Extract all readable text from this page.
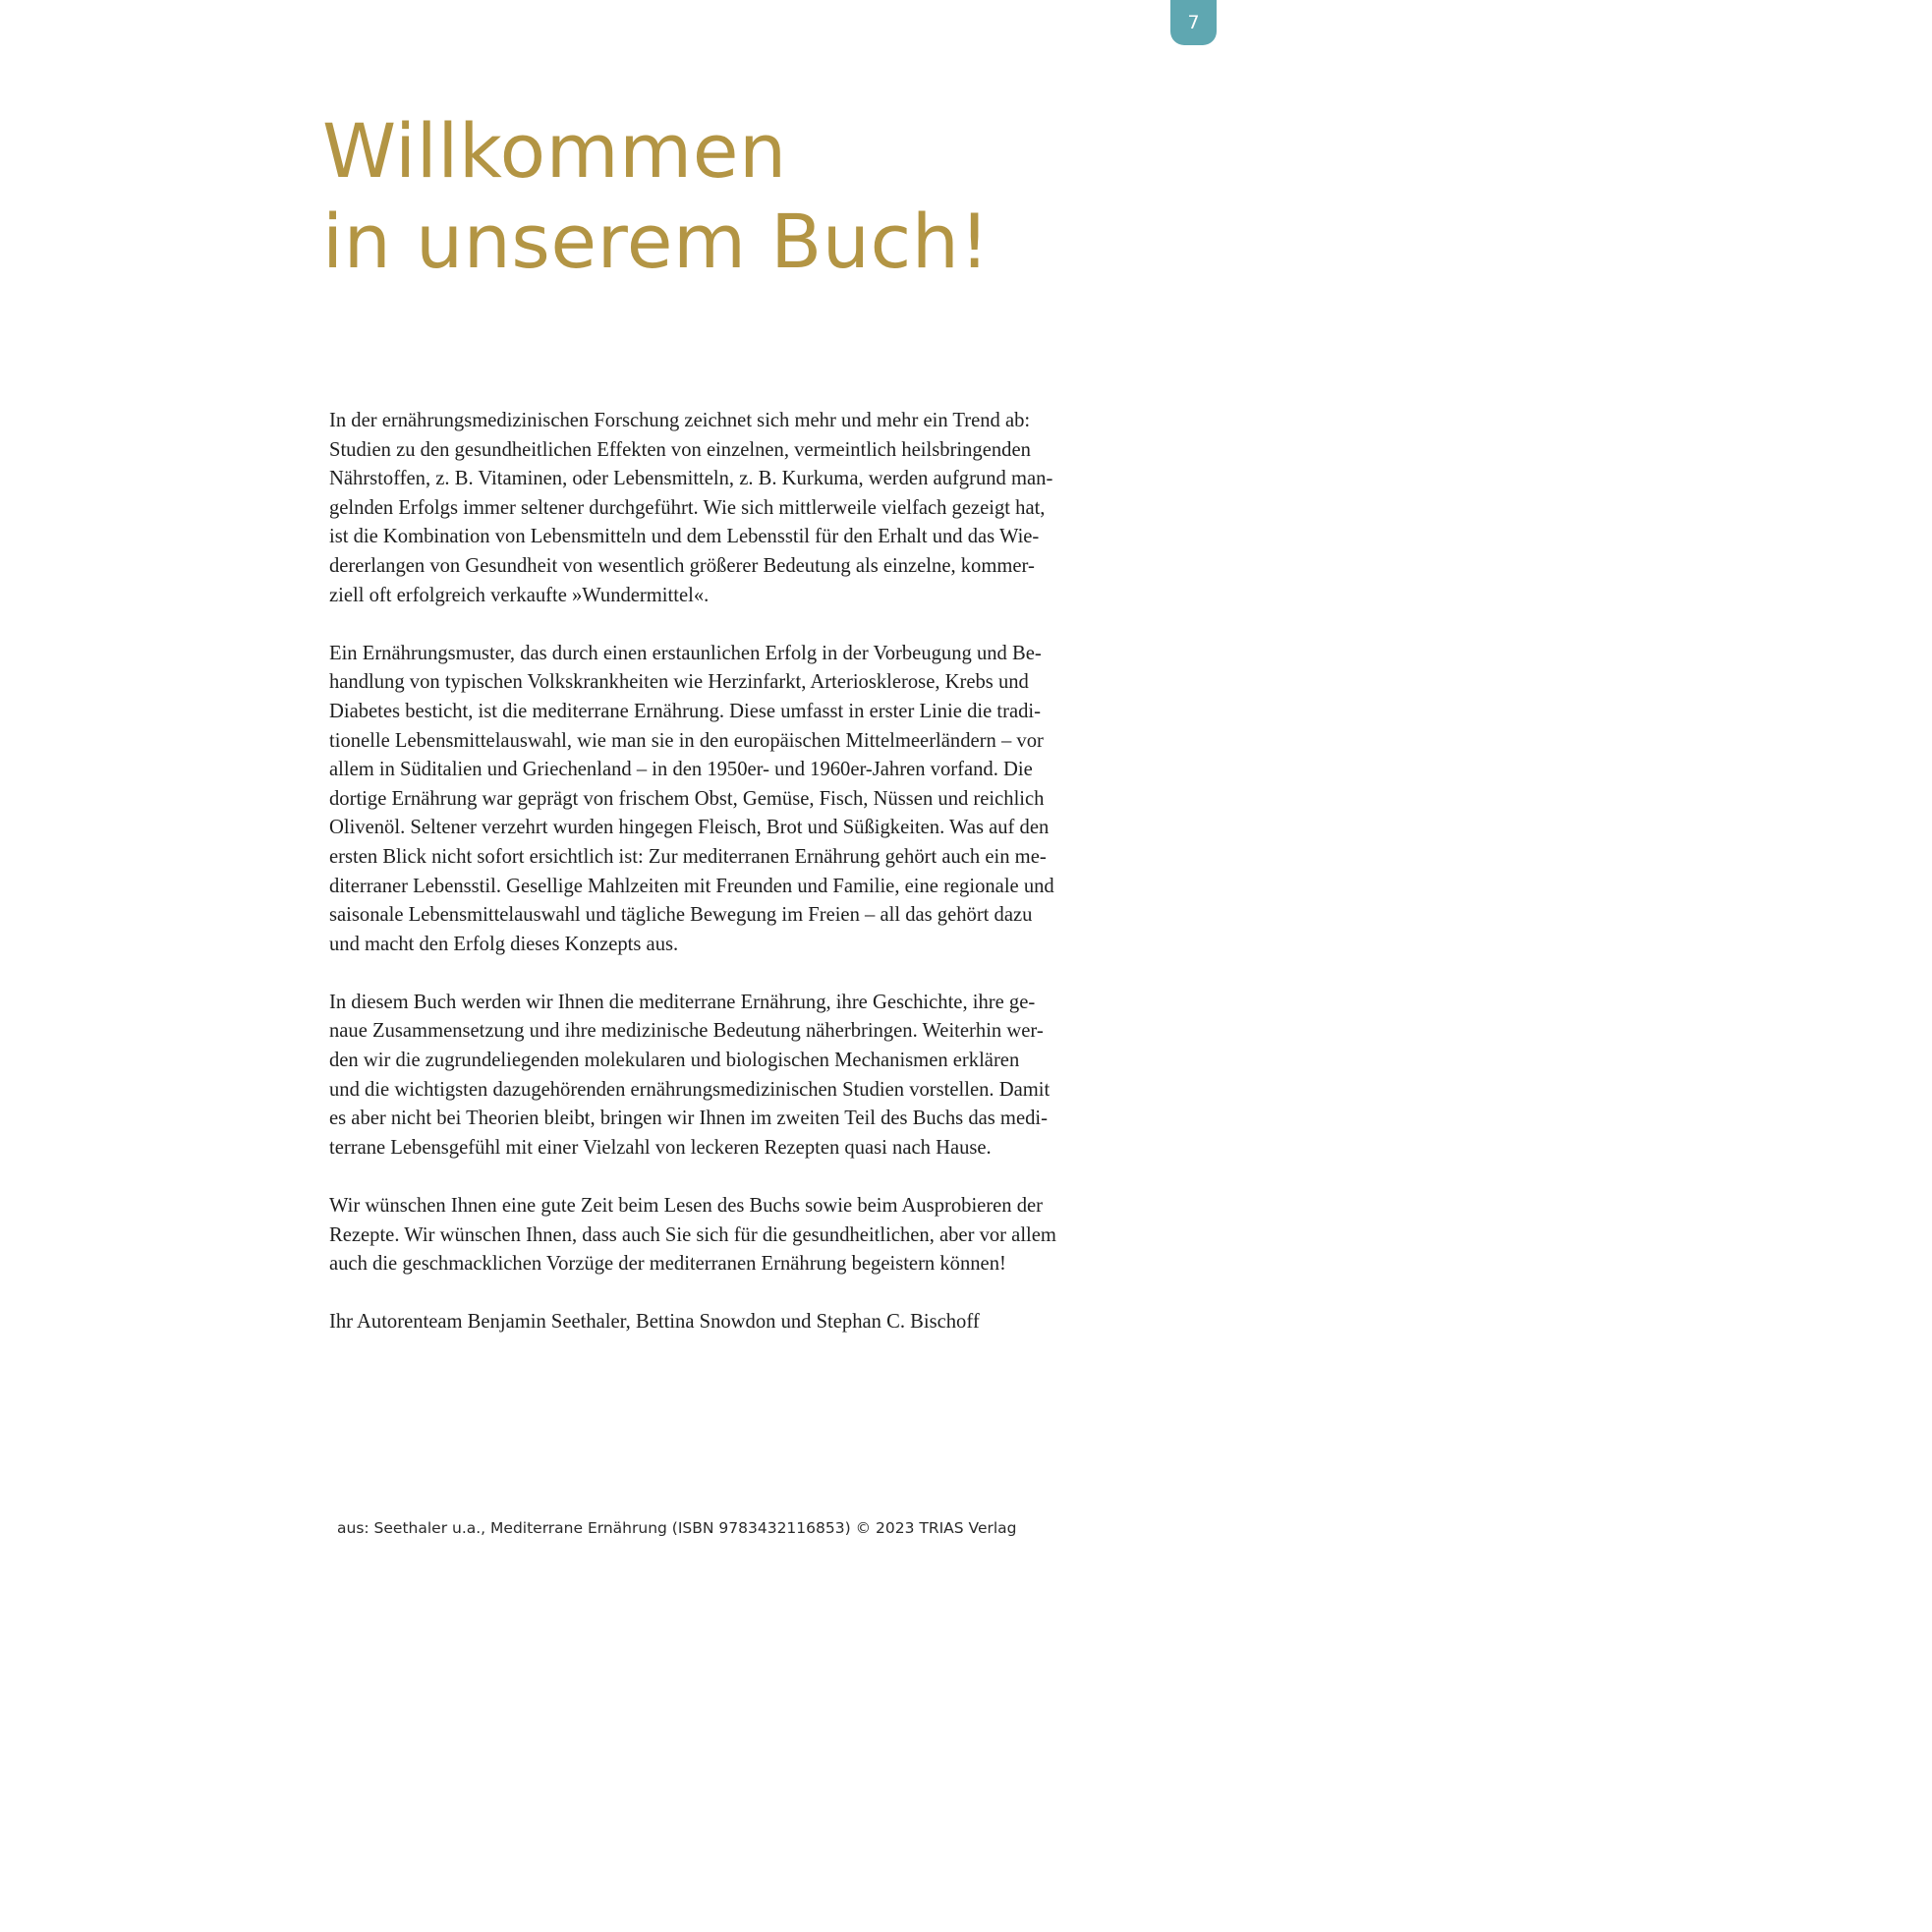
7
Willkommen
in unserem Buch!

In der ernährungsmedizinischen Forschung zeichnet sich mehr und mehr ein Trend ab:
Studien zu den gesundheitlichen Effekten von einzelnen, vermeintlich heilsbringenden
Nährstoffen, z. B. Vitaminen, oder Lebensmitteln, z. B. Kurkuma, werden aufgrund man-
gelnden Erfolgs immer seltener durchgeführt. Wie sich mittlerweile vielfach gezeigt hat,
ist die Kombination von Lebensmitteln und dem Lebensstil für den Erhalt und das Wie-
dererlangen von Gesundheit von wesentlich größerer Bedeutung als einzelne, kommer-
ziell oft erfolgreich verkaufte »Wundermittel«.

Ein Ernährungsmuster, das durch einen erstaunlichen Erfolg in der Vorbeugung und Be-
handlung von typischen Volkskrankheiten wie Herzinfarkt, Arteriosklerose, Krebs und
Diabetes besticht, ist die mediterrane Ernährung. Diese umfasst in erster Linie die tradi-
tionelle Lebensmittelauswahl, wie man sie in den europäischen Mittelmeerländern – vor
allem in Süditalien und Griechenland – in den 1950er- und 1960er-Jahren vorfand. Die
dortige Ernährung war geprägt von frischem Obst, Gemüse, Fisch, Nüssen und reichlich
Olivenöl. Seltener verzehrt wurden hingegen Fleisch, Brot und Süßigkeiten. Was auf den
ersten Blick nicht sofort ersichtlich ist: Zur mediterranen Ernährung gehört auch ein me-
diterraner Lebensstil. Gesellige Mahlzeiten mit Freunden und Familie, eine regionale und
saisonale Lebensmittelauswahl und tägliche Bewegung im Freien – all das gehört dazu
und macht den Erfolg dieses Konzepts aus.

In diesem Buch werden wir Ihnen die mediterrane Ernährung, ihre Geschichte, ihre ge-
naue Zusammensetzung und ihre medizinische Bedeutung näherbringen. Weiterhin wer-
den wir die zugrundeliegenden molekularen und biologischen Mechanismen erklären
und die wichtigsten dazugehörenden ernährungsmedizinischen Studien vorstellen. Damit
es aber nicht bei Theorien bleibt, bringen wir Ihnen im zweiten Teil des Buchs das medi-
terrane Lebensgefühl mit einer Vielzahl von leckeren Rezepten quasi nach Hause.

Wir wünschen Ihnen eine gute Zeit beim Lesen des Buchs sowie beim Ausprobieren der
Rezepte. Wir wünschen Ihnen, dass auch Sie sich für die gesundheitlichen, aber vor allem
auch die geschmacklichen Vorzüge der mediterranen Ernährung begeistern können!

Ihr Autorenteam Benjamin Seethaler, Bettina Snowdon und Stephan C. Bischoff

aus: Seethaler u.a., Mediterrane Ernährung (ISBN 9783432116853) © 2023 TRIAS Verlag
